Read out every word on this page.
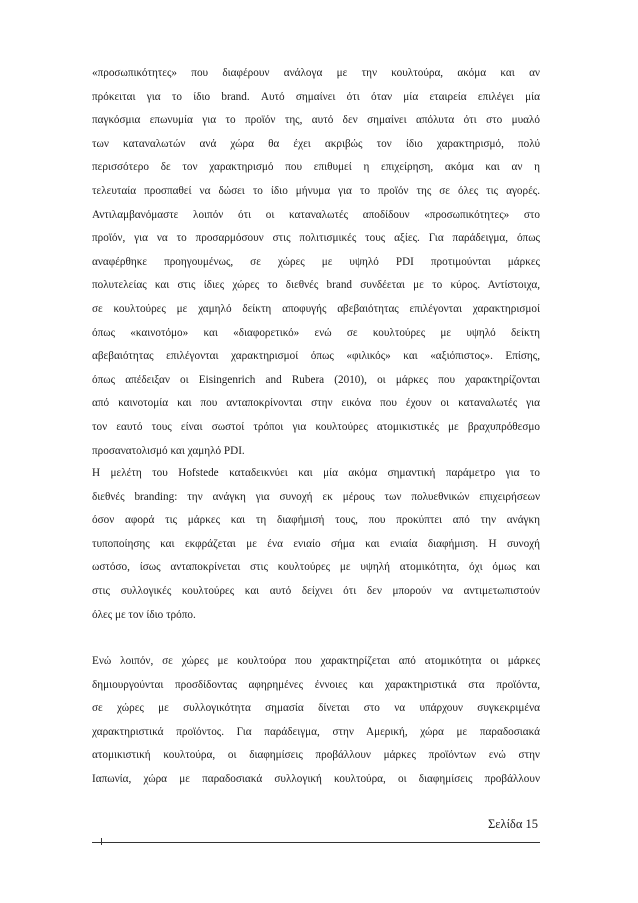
«προσωπικότητες» που διαφέρουν ανάλογα με την κουλτούρα, ακόμα και αν
πρόκειται για το ίδιο brand. Αυτό σημαίνει ότι όταν μία εταιρεία επιλέγει μία
παγκόσμια επωνυμία για το προϊόν της, αυτό δεν σημαίνει απόλυτα ότι στο μυαλό
των καταναλωτών ανά χώρα θα έχει ακριβώς τον ίδιο χαρακτηρισμό, πολύ
περισσότερο δε τον χαρακτηρισμό που επιθυμεί η επιχείρηση, ακόμα και αν η
τελευταία προσπαθεί να δώσει το ίδιο μήνυμα για το προϊόν της σε όλες τις αγορές.
Αντιλαμβανόμαστε λοιπόν ότι οι καταναλωτές αποδίδουν «προσωπικότητες» στο
προϊόν, για να το προσαρμόσουν στις πολιτισμικές τους αξίες. Για παράδειγμα, όπως
αναφέρθηκε προηγουμένως, σε χώρες με υψηλό PDI προτιμούνται μάρκες
πολυτελείας και στις ίδιες χώρες το διεθνές brand συνδέεται με το κύρος. Αντίστοιχα,
σε κουλτούρες με χαμηλό δείκτη αποφυγής αβεβαιότητας επιλέγονται χαρακτηρισμοί
όπως «καινοτόμο» και «διαφορετικό» ενώ σε κουλτούρες με υψηλό δείκτη
αβεβαιότητας επιλέγονται χαρακτηρισμοί όπως «φιλικός» και «αξιόπιστος». Επίσης,
όπως απέδειξαν οι Eisingenrich and Rubera (2010), οι μάρκες που χαρακτηρίζονται
από καινοτομία και που ανταποκρίνονται στην εικόνα που έχουν οι καταναλωτές για
τον εαυτό τους είναι σωστοί τρόποι για κουλτούρες ατομικιστικές με βραχυπρόθεσμο
προσανατολισμό και χαμηλό PDI.
Η μελέτη του Hofstede καταδεικνύει και μία ακόμα σημαντική παράμετρο για το
διεθνές branding: την ανάγκη για συνοχή εκ μέρους των πολυεθνικών επιχειρήσεων
όσον αφορά τις μάρκες και τη διαφήμισή τους, που προκύπτει από την ανάγκη
τυποποίησης και εκφράζεται με ένα ενιαίο σήμα και ενιαία διαφήμιση. Η συνοχή
ωστόσο, ίσως ανταποκρίνεται στις κουλτούρες με υψηλή ατομικότητα, όχι όμως και
στις συλλογικές κουλτούρες και αυτό δείχνει ότι δεν μπορούν να αντιμετωπιστούν
όλες με τον ίδιο τρόπο.
Ενώ λοιπόν, σε χώρες με κουλτούρα που χαρακτηρίζεται από ατομικότητα οι μάρκες
δημιουργούνται προσδίδοντας αφηρημένες έννοιες και χαρακτηριστικά στα προϊόντα,
σε χώρες με συλλογικότητα σημασία δίνεται στο να υπάρχουν συγκεκριμένα
χαρακτηριστικά προϊόντος. Για παράδειγμα, στην Αμερική, χώρα με παραδοσιακά
ατομικιστική κουλτούρα, οι διαφημίσεις προβάλλουν μάρκες προϊόντων ενώ στην
Ιαπωνία, χώρα με παραδοσιακά συλλογική κουλτούρα, οι διαφημίσεις προβάλλουν
Σελίδα 15
